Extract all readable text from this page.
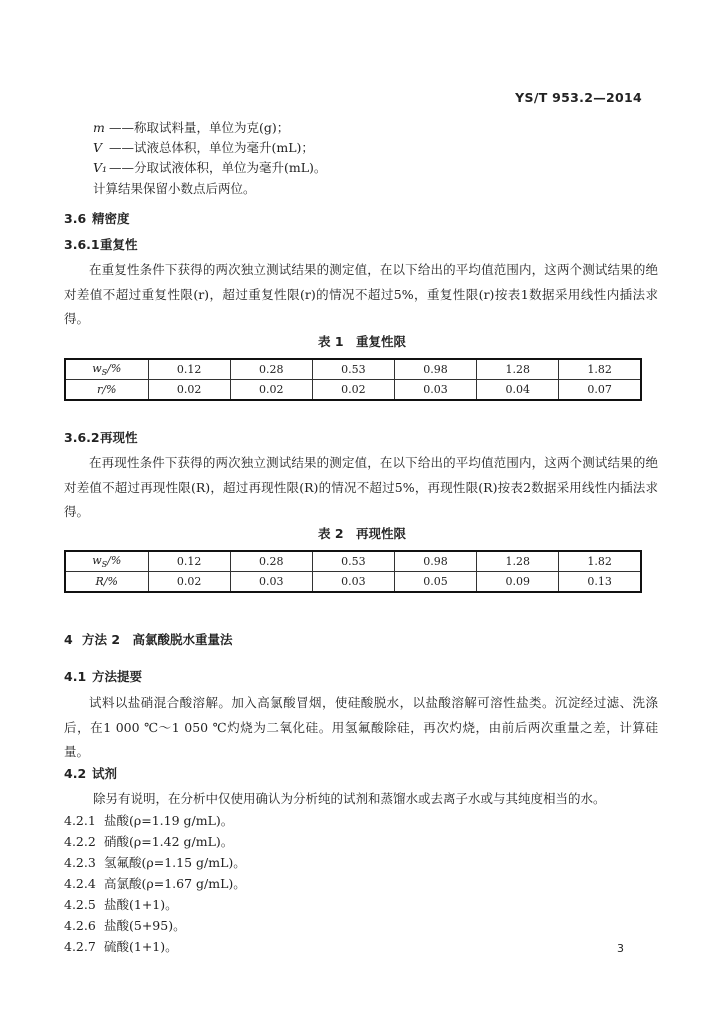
YS/T 953.2—2014
m ——称取试料量，单位为克(g)；
V ——试液总体积，单位为毫升(mL)；
V₁ ——分取试液体积，单位为毫升(mL)。
计算结果保留小数点后两位。
3.6 精密度
3.6.1重复性
在重复性条件下获得的两次独立测试结果的测定值，在以下给出的平均值范围内，这两个测试结果的绝对差值不超过重复性限(r)，超过重复性限(r)的情况不超过5%，重复性限(r)按表1数据采用线性内插法求得。
表 1　重复性限
$w_S/\%$	0.12	0.28	0.53	0.98	1.28	1.82
r/%	0.02	0.02	0.02	0.03	0.04	0.07
3.6.2再现性
在再现性条件下获得的两次独立测试结果的测定值，在以下给出的平均值范围内，这两个测试结果的绝对差值不超过再现性限(R)，超过再现性限(R)的情况不超过5%，再现性限(R)按表2数据采用线性内插法求得。
表 2　再现性限
$w_S/\%$	0.12	0.28	0.53	0.98	1.28	1.82
R/%	0.02	0.03	0.03	0.05	0.09	0.13
4 方法 2　高氯酸脱水重量法
4.1 方法提要
试料以盐硝混合酸溶解。加入高氯酸冒烟，使硅酸脱水，以盐酸溶解可溶性盐类。沉淀经过滤、洗涤后，在1 000 ℃～1 050 ℃灼烧为二氧化硅。用氢氟酸除硅，再次灼烧，由前后两次重量之差，计算硅量。
4.2 试剂
除另有说明，在分析中仅使用确认为分析纯的试剂和蒸馏水或去离子水或与其纯度相当的水。
4.2.1 盐酸(ρ=1.19 g/mL)。
4.2.2 硝酸(ρ=1.42 g/mL)。
4.2.3 氢氟酸(ρ=1.15 g/mL)。
4.2.4 高氯酸(ρ=1.67 g/mL)。
4.2.5 盐酸(1+1)。
4.2.6 盐酸(5+95)。
4.2.7 硫酸(1+1)。	3
